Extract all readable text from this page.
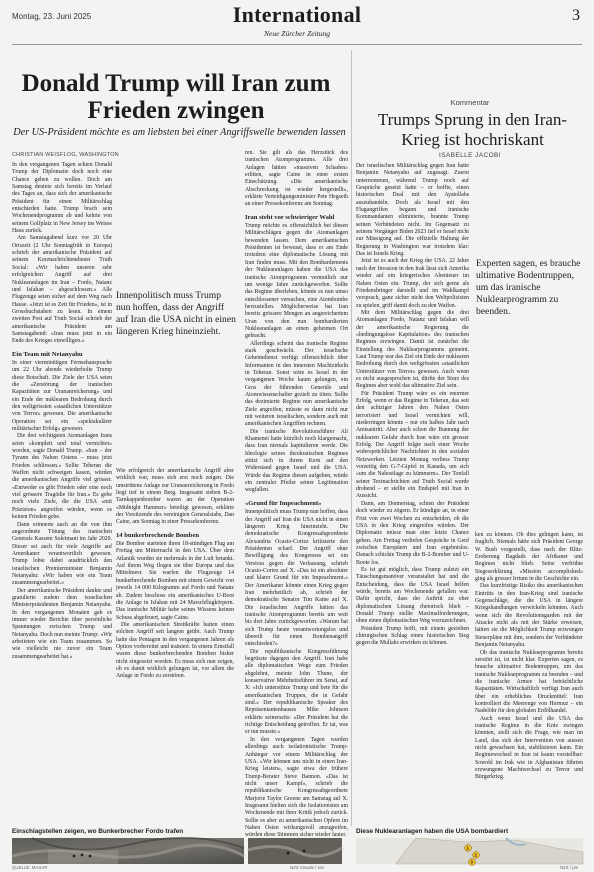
Montag, 23. Juni 2025	International
Neue Zürcher Zeitung
3
Donald Trump will Iran zum Frieden zwingen
Der US-Präsident möchte es am liebsten bei einer Angriffswelle bewenden lassen
CHRISTIAN WEISFLOG, WASHINGTON

In den vergangenen Tagen schien Donald Trump der Diplomatie doch noch eine Chance geben zu wollen. Doch am Samstag deutete sich bereits im Verlauf des Tages an, dass sich der amerikanische Präsident für einen Militärschlag entschieden hatte. Trump brach sein Wochenendprogramm ab und kehrte von seinem Golfplatz in New Jersey ins Weisse Haus zurück.

Am Samstagabend kurz vor 20 Uhr Ortszeit (2 Uhr Sonntagfrüh in Europa) schrieb der amerikanische Präsident auf seinem Kurznachrichtendienst Truth Social: «Wir haben unseren sehr erfolgreichen Angriff auf drei Nuklearanlagen im Iran – Fordo, Natanz und Isfahan – abgeschlossen.» Alle Flugzeuge seien sicher auf dem Weg nach Hause. «Jetzt ist es Zeit für Frieden», ist in Grossbuchstaben zu lesen. In einem zweiten Post auf Truth Social schrieb der amerikanische Präsident am Samstagabend: «Iran muss jetzt in ein Ende des Krieges einwilligen.»

Ein Team mit Netanyahu

In einer vierminütigen Fernsehansprache um 22 Uhr abends wiederholte Trump diese Botschaft. Die Ziele der USA seien die «Zerstörung der iranischen Kapazitäten zur Urananreicherung» und ein Ende der nuklearen Bedrohung durch den weltgrössten «staatlichen Unterstützer von Terror» gewesen. Die amerikanische Operation sei ein «spektakulärer militärischer Erfolg» gewesen.

Die drei wichtigsten Atomanlagen Irans seien «komplett und total vernichtet» worden, sagte Donald Trump. «Iran – der Tyrann des Nahen Ostens – muss jetzt Frieden schliessen.» Sollte Teheran die Waffen nicht schweigen lassen, würden die amerikanischen Angriffe viel grösser. «Entweder es gibt Frieden oder eine noch viel grössere Tragödie für Iran.» Es gebe noch viele Ziele, die die USA «mit Präzision» angreifen würden, wenn es keinen Frieden gebe.

Dann erinnerte auch an die von ihm angeordnete Tötung des iranischen Generals Kassem Soleimani im Jahr 2020. Dieser sei auch für viele Angriffe auf Amerikaner verantwortlich gewesen. Trump lobte dabei ausdrücklich den israelischen Premierminister Benjamin Netanyahu: «Wir haben wie ein Team zusammengearbeitet.»

Der amerikanische Präsident dankte und gratulierte zudem dem israelischen Ministerpräsidenten Benjamin Netanyahu. In den vergangenen Monaten gab es immer wieder Berichte über persönliche Spannungen zwischen Trump und Netanyahu. Doch nun meinte Trump: «Wir arbeiteten wie ein Team zusammen. So wie vielleicht nie zuvor ein Team zusammengearbeitet hat.»

Innenpolitisch muss Trump nun hoffen, dass der Angriff auf Iran die USA nicht in einen längeren Krieg hineinzieht.

Wie erfolgreich der amerikanische Angriff aber wirklich war, muss sich erst noch zeigen. Die umstrittene Anlage zur Urananreicherung in Fordo liegt tief in einem Berg. Insgesamt sieben B-2-Tarnkappenbomber waren an der Operation «Midnight Hammer» beteiligt gewesen, erklärte der Vorsitzende des vereinigten Generalstabs, Dan Caine, am Sonntag in einer Pressekonferenz.

14 bunkerbrechende Bomben

Die Bomber starteten ihren 18-stündigen Flug am Freitag um Mitternacht in den USA. Über dem Atlantik wurden sie mehrmals in der Luft betankt. Auf ihrem Weg flogen sie über Europa und das Mittelmeer. Sie warfen die Flugzeuge 14 bunkerbrechende Bomben mit einem Gewicht von jeweils 14 000 Kilogramm auf Fordo und Natanz ab. Zudem beschoss ein amerikanisches U-Boot die Anlage in Isfahan mit 24 Marschflugkörpern. Das iranische Militär habe seines Wissens keinen Schuss abgefeuert, sagte Caine.

Die amerikanischen Streitkräfte hatten einen solchen Angriff seit langem geübt. Auch Trump hatte das Pentagon in den vergangenen Jahren als Option vorbereitet und trainiert. In einem Ernstfall waren diese bunkerbrechenden Bomben bisher nicht eingesetzt worden. Es muss sich nun zeigen, ob es damit wirklich gelungen ist, vor allem die Anlage in Fordo zu zerstören.

ren. Sie gilt als das Herzstück des iranischen Atomprogramms. Alle drei Anlagen hätten «massiven Schaden» erlitten, sagte Caine in einer ersten Einschätzung. «Die amerikanische Abschreckung ist wieder hergestellt», erklärte Verteidigungsminister Pete Hegseth an einer Pressekonferenz am Sonntag.

Iran steht vor schwieriger Wahl

Trump möchte es offensichtlich bei diesen Militärschlägen gegen die Atomanlagen bewenden lassen. Dem amerikanischen Präsidenten ist bewusst, dass er am Ende trotzdem eine diplomatische Lösung mit Iran finden muss. Mit den Bombardements der Nuklearanlagen haben die USA das iranische Atomprogramm vermutlich nur um wenige Jahre zurückgeworfen. Sollte das Regime überleben, könnte es nun umso entschlossener versuchen, eine Atombombe herzustellen. Möglicherweise hat Iran bereits grössere Mengen an angereichertem Uran von den nun bombardierten Nuklearanlagen an einen geheimen Ort gebracht.

Allerdings scheint das iranische Regime stark geschwächt. Der israelische Geheimdienst verfügt offensichtlich über Informanten in den innersten Machtzirkeln in Teheran. Sonst wäre es Israel in der vergangenen Woche kaum gelungen, ein Gros der führenden Generäle und Atomwissenschafter gezielt zu töten. Sollte das dezimierte Regime nun amerikanische Ziele angreifen, müsste es dann nicht nur mit weiteren israelischen, sondern auch mit amerikanischen Angriffen rechnen.

Die iranische Revolutionsführer Ali Khamenei hatte kürzlich noch klargemacht, dass Iran niemals kapitulieren werde. Die Ideologie seines theokratischen Regimes stützt sich in ihrem Kern auf den Widerstand gegen Israel und die USA. Würde das Regime diesen aufgeben, würde ein zentraler Pfeiler seiner Legitimation wegfallen.

«Grund für Impeachment»

Innenpolitisch muss Trump nun hoffen, dass der Angriff auf Iran die USA nicht in einen längeren Krieg hineinzieht. Die demokratische Kongressabgeordnete Alexandria Ocasio-Cortez kritisierte den Präsidenten scharf. Der Angriff ohne Bewilligung des Kongresses sei ein Verstoss gegen die Verfassung, schrieb Ocasio-Cortez auf X. «Das ist ein absoluter und klarer Grund für ein Impeachment.» Der Amerikaner könnte einen Krieg gegen Iran mehrheitlich ab, schrieb der demokratische Senator Tim Kaine auf X. Die israelischen Angriffe hätten das iranische Atomprogramm bereits um weit bis drei Jahre zurückgeworfen. «Warum hat sich Trump heute verantwortungslos und übereilt für einen Bombenangriff entschieden?»

Die republikanische Kongressführung begrüsste dagegen den Angriff. Iran habe alle diplomatischen Wege zum Frieden abgelehnt, meinte John Thune, der konservative Mehrheitsführer im Senat, auf X: «Ich unterstütze Trump und bete für die amerikanischen Truppen, die in Gefahr sind.» Der republikanische Speaker des Repräsentantenhauses Mike Johnson erklärte seinerseits: «Der Präsident hat die richtige Entscheidung getroffen. Er tat, was er tun musste.»

In den vergangenen Tagen wurden allerdings auch isolationistische Trump-Anhänger vor einem Militärschlag der USA. «Wir können uns nicht in einen Iran-Krieg leisten», sagte etwa der frühere Trump-Berater Steve Bannon. «Das ist nicht unser Kampf», schrieb die republikanische Kongressabgeordnete Marjorie Taylor Greene am Samstag auf X. Insgesamt hielten sich die Isolationisten am Wochenende mit ihrer Kritik jedoch zurück. Sollte es aber zu amerikanischen Opfern im Nahen Osten wirkungsvoll anzugreifen, würden diese Stimmen sicher wieder lauter.

Kommentar
Trumps Sprung in den Iran-Krieg ist hochriskant
ISABELLE JACOBI

Der israelischen Militärschlag gegen Iran hatte Benjamin Netanyahu auf zugesagt. Zuerst unternommen, während Trump noch auf Gespräche gesetzt hatte – er hoffte, einen historischen Deal mit den Ayatollahs auszuhandeln. Doch als Israel mit den Flugangriffen begann und iranische Kommandanten eliminierte, brannte Trump seinen Verbündeten nicht. Im Gegensatz zu seinem Vorgänger Biden 2023 tief er Israel nicht zur Mässigung auf. Die offizielle Haltung der Regierung in Washington war trotzdem klar: Das ist Israels Krieg.

Jetzt ist es auch der Krieg der USA. 22 Jahre nach der Invasion in den Irak lässt sich Amerika wieder auf ein kriegerisches Abenteuer im Nahen Osten ein. Trump, der sich gerne als Friedensbringer darstellt und im Wahlkampf versprach, ganz sicher nicht den Weltpolizisten zu spielen, griff damit doch zu den Waffen.

Mit dem Militärschlag gegen die drei Atomanlagen Fordo, Natanz und Isfahan will der amerikanische Regierung die «bedingungslose Kapitulation» des iranischen Regimes erzwingen. Damit ist zunächst die Einstellung des Nuklearprogramms gemeint. Laut Trump war das Ziel ein Ende der nuklearen Bedrohung durch den weltgrössten «staatlichen Unterstützer von Terror» gewesen. Auch wenn es nicht ausgesprochen ist, dürfte der Sturz des Regimes aber wohl das ultimative Ziel sein.

Für Präsident Trump wäre es ein enormer Erfolg, wenn er das Regime in Teheran, das seit den achtziger Jahren den Nahen Osten terrorisiert und Israel vernichten will, niederringen könnte – nur ein halbes Jahr nach Amtsantritt. Aber auch schon die Bannung der nuklearen Gefahr durch Iran wäre ein grosser Erfolg. Der Angriff folgte nach einer Woche widersprüchlicher Nachrichten in den sozialen Netzwerken. Letzten Montag verliess Trump vorzeitig den G-7-Gipfel in Kanada, um sich «um die Nahostlage zu kümmern». Der Tonfall seiner Textnachrichten auf Truth Social wurde drohend – er stellte ein Endspiel mit Iran in Aussicht.

Dann, am Donnerstag, schien der Präsident doch wieder zu zögern. Er kündigte an, in einer Frist von zwei Wochen zu entscheiden, ob die USA in den Krieg eingreifen würden. Der Diplomatie müsse man eine letzte Chance geben. Am Freitag verliefen Gespräche in Genf zwischen Europäern und Iran ergebnislos. Danach schickte Trump die B-2-Bomber und U-Boote los.

Es ist gut möglich, dass Trump zuletzt ein Täuschungsmanöver veranstaltet hat und die Entscheidung, dass die USA Israel helfen würde, bereits am Wochenende gefallen war. Dafür spricht, dass der Auftritt zu eher diplomatischen Lösung rhetorisch blieb – Donald Trump stellte Maximalforderungen, ohne einen diplomatischen Weg vorzuzeichnen.

Präsident Trump hofft, mit einem gezielten chirurgischen Schlag einen historischen Sieg gegen die Mullahs erwirken zu können.

Experten sagen, es brauche ultimative Bodentruppen, um das iranische Nuklearprogramm zu beenden.

ken zu können. Ob dies gelingen kann, ist fraglich. Niemals hätte sich Präsident George W. Bush vorgestellt, dass nach der Blitz-Eroberung Bagdads der Afrikaner und Regimes nicht blieb. Seine verfrühte Siegeserklärung «Mission accomplished» ging als grosser Irrtum in die Geschichte ein.

Das kurzfristige Risiko des amerikanischen Eintritts in den Iran-Krieg sind iranische Gegenschläge, die die USA in längere Kriegshandlungen verwickeln könnten. Auch wenn sich die Revolutionsgarden mit der Attacke nicht als mit der Stärke erweisen, hätten sie die Möglichkeit Trump erzwungen Steuerpläne mit ihm, sondern der Verbündeter Benjamin Netanyahu.

Ob das iranische Nuklearprogramm bereits zerstört ist, ist nicht klar. Experten sagen, es brauche ultimative Bodentruppen, um das iranische Nuklearprogramm zu beenden – und die iranische Armee hat beträchtliche Kapazitäten. Wirtschaftlich verfügt Iran auch über ein erhebliches Druckmittel: Iran kontrolliert die Meerenge von Hormuz – ein Nadelöhr für den globalen Erdölhandel.

Auch wenn Israel und die USA das iranische Regime in die Knie zwingen könnten, stellt sich die Frage, wie man im Land, das sich der Intervention von aussen nicht gewachsen hat, stabilisieren kann. Ein Regimewechsel in Iran ist kaum vorstellbar: Sowohl im Irak wie in Afghanistan führten erzwungene Machtwechsel zu Terror und Bürgerkrieg.

Einschlagstellen zeigen, wo Bunkerbrecher Fordo trafen
QUELLE: MAXAR	NZZ Visuals / sns
Diese Nuklearanlagen haben die USA bombardiert
1
2
3
NZZ / pm
